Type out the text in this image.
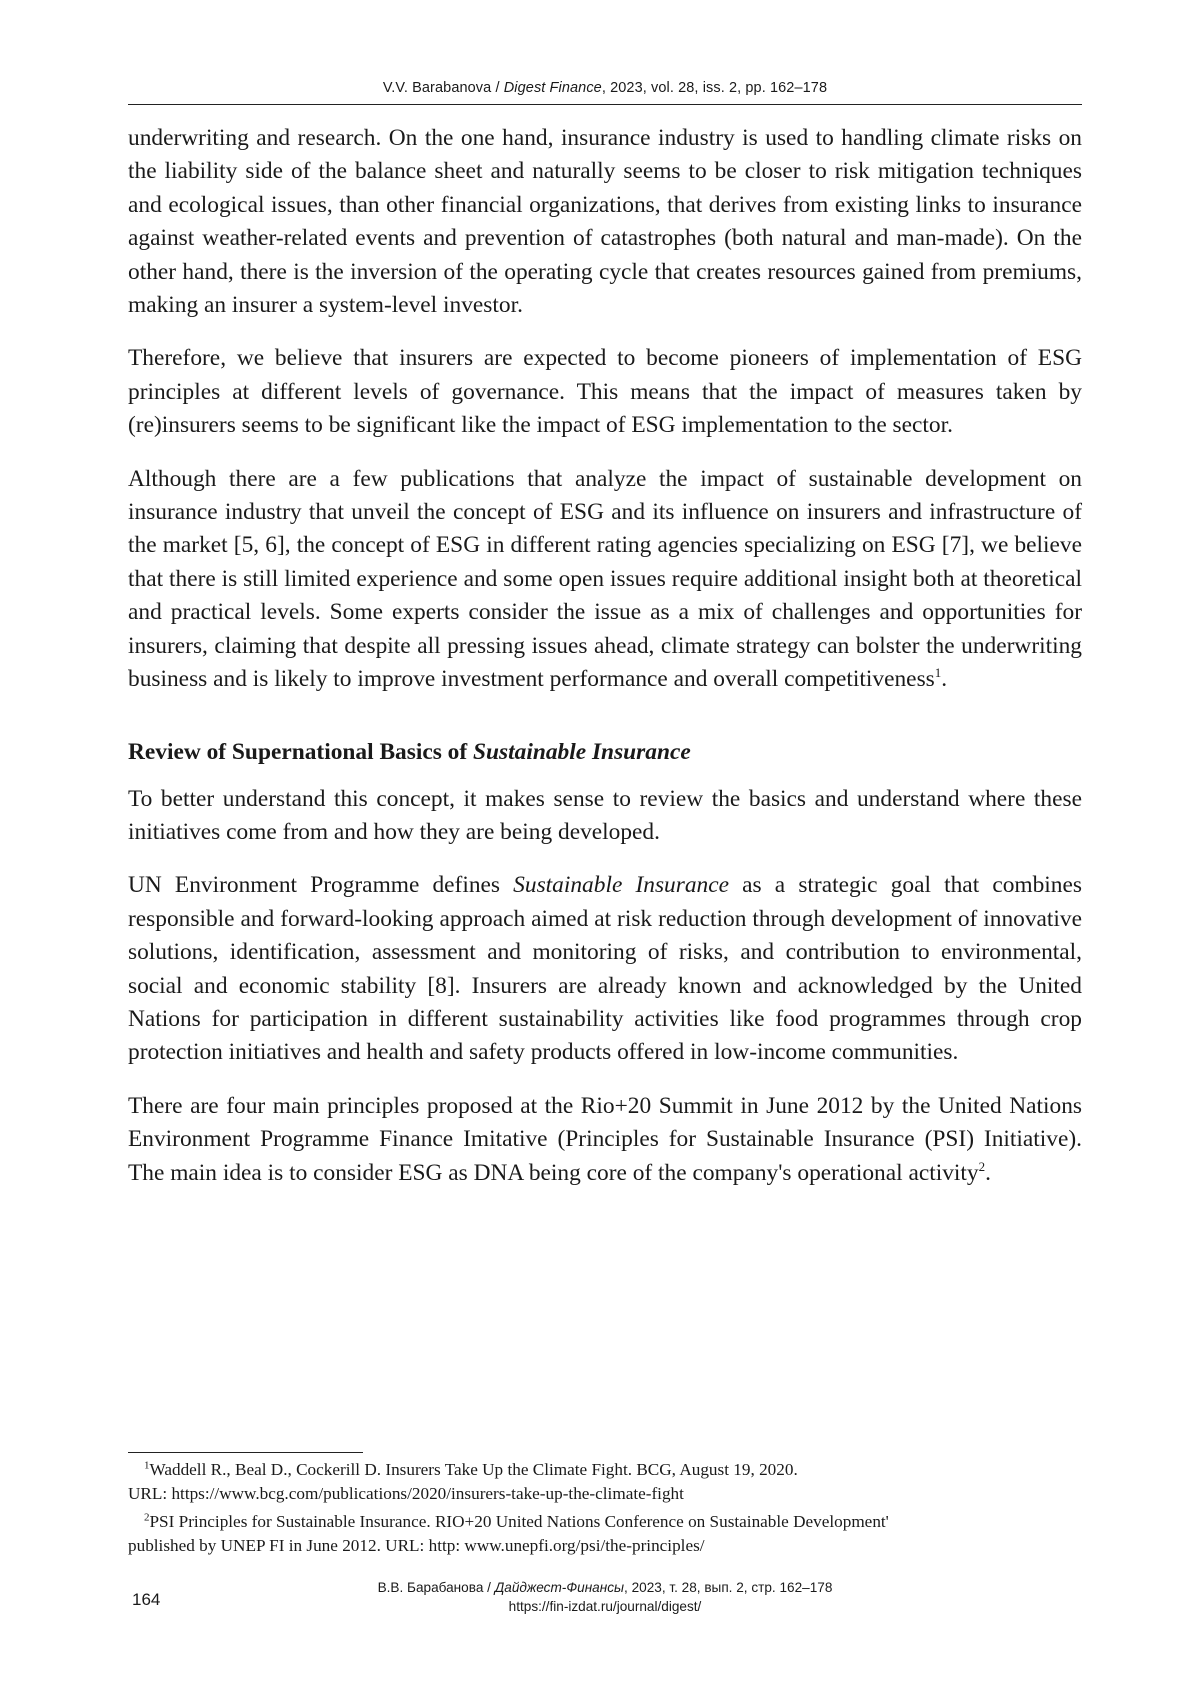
V.V. Barabanova / Digest Finance, 2023, vol. 28, iss. 2, pp. 162–178

underwriting and research. On the one hand, insurance industry is used to handling climate risks on the liability side of the balance sheet and naturally seems to be closer to risk mitigation techniques and ecological issues, than other financial organizations, that derives from existing links to insurance against weather-related events and prevention of catastrophes (both natural and man-made). On the other hand, there is the inversion of the operating cycle that creates resources gained from premiums, making an insurer a system-level investor.

Therefore, we believe that insurers are expected to become pioneers of implementation of ESG principles at different levels of governance. This means that the impact of measures taken by (re)insurers seems to be significant like the impact of ESG implementation to the sector.

Although there are a few publications that analyze the impact of sustainable development on insurance industry that unveil the concept of ESG and its influence on insurers and infrastructure of the market [5, 6], the concept of ESG in different rating agencies specializing on ESG [7], we believe that there is still limited experience and some open issues require additional insight both at theoretical and practical levels. Some experts consider the issue as a mix of challenges and opportunities for insurers, claiming that despite all pressing issues ahead, climate strategy can bolster the underwriting business and is likely to improve investment performance and overall competitiveness$^1$.

Review of Supernational Basics of Sustainable Insurance

To better understand this concept, it makes sense to review the basics and understand where these initiatives come from and how they are being developed.

UN Environment Programme defines Sustainable Insurance as a strategic goal that combines responsible and forward-looking approach aimed at risk reduction through development of innovative solutions, identification, assessment and monitoring of risks, and contribution to environmental, social and economic stability [8]. Insurers are already known and acknowledged by the United Nations for participation in different sustainability activities like food programmes through crop protection initiatives and health and safety products offered in low-income communities.

There are four main principles proposed at the Rio+20 Summit in June 2012 by the United Nations Environment Programme Finance Imitative (Principles for Sustainable Insurance (PSI) Initiative). The main idea is to consider ESG as DNA being core of the company's operational activity$^2$.

$^1$Waddell R., Beal D., Cockerill D. Insurers Take Up the Climate Fight. BCG, August 19, 2020.
URL: https://www.bcg.com/publications/2020/insurers-take-up-the-climate-fight

$^2$PSI Principles for Sustainable Insurance. RIO+20 United Nations Conference on Sustainable Development'
published by UNEP FI in June 2012. URL: http: www.unepfi.org/psi/the-principles/

В.В. Барабанова / Дайджест-Финансы, 2023, т. 28, вып. 2, стр. 162–178
https://fin-izdat.ru/journal/digest/
164
